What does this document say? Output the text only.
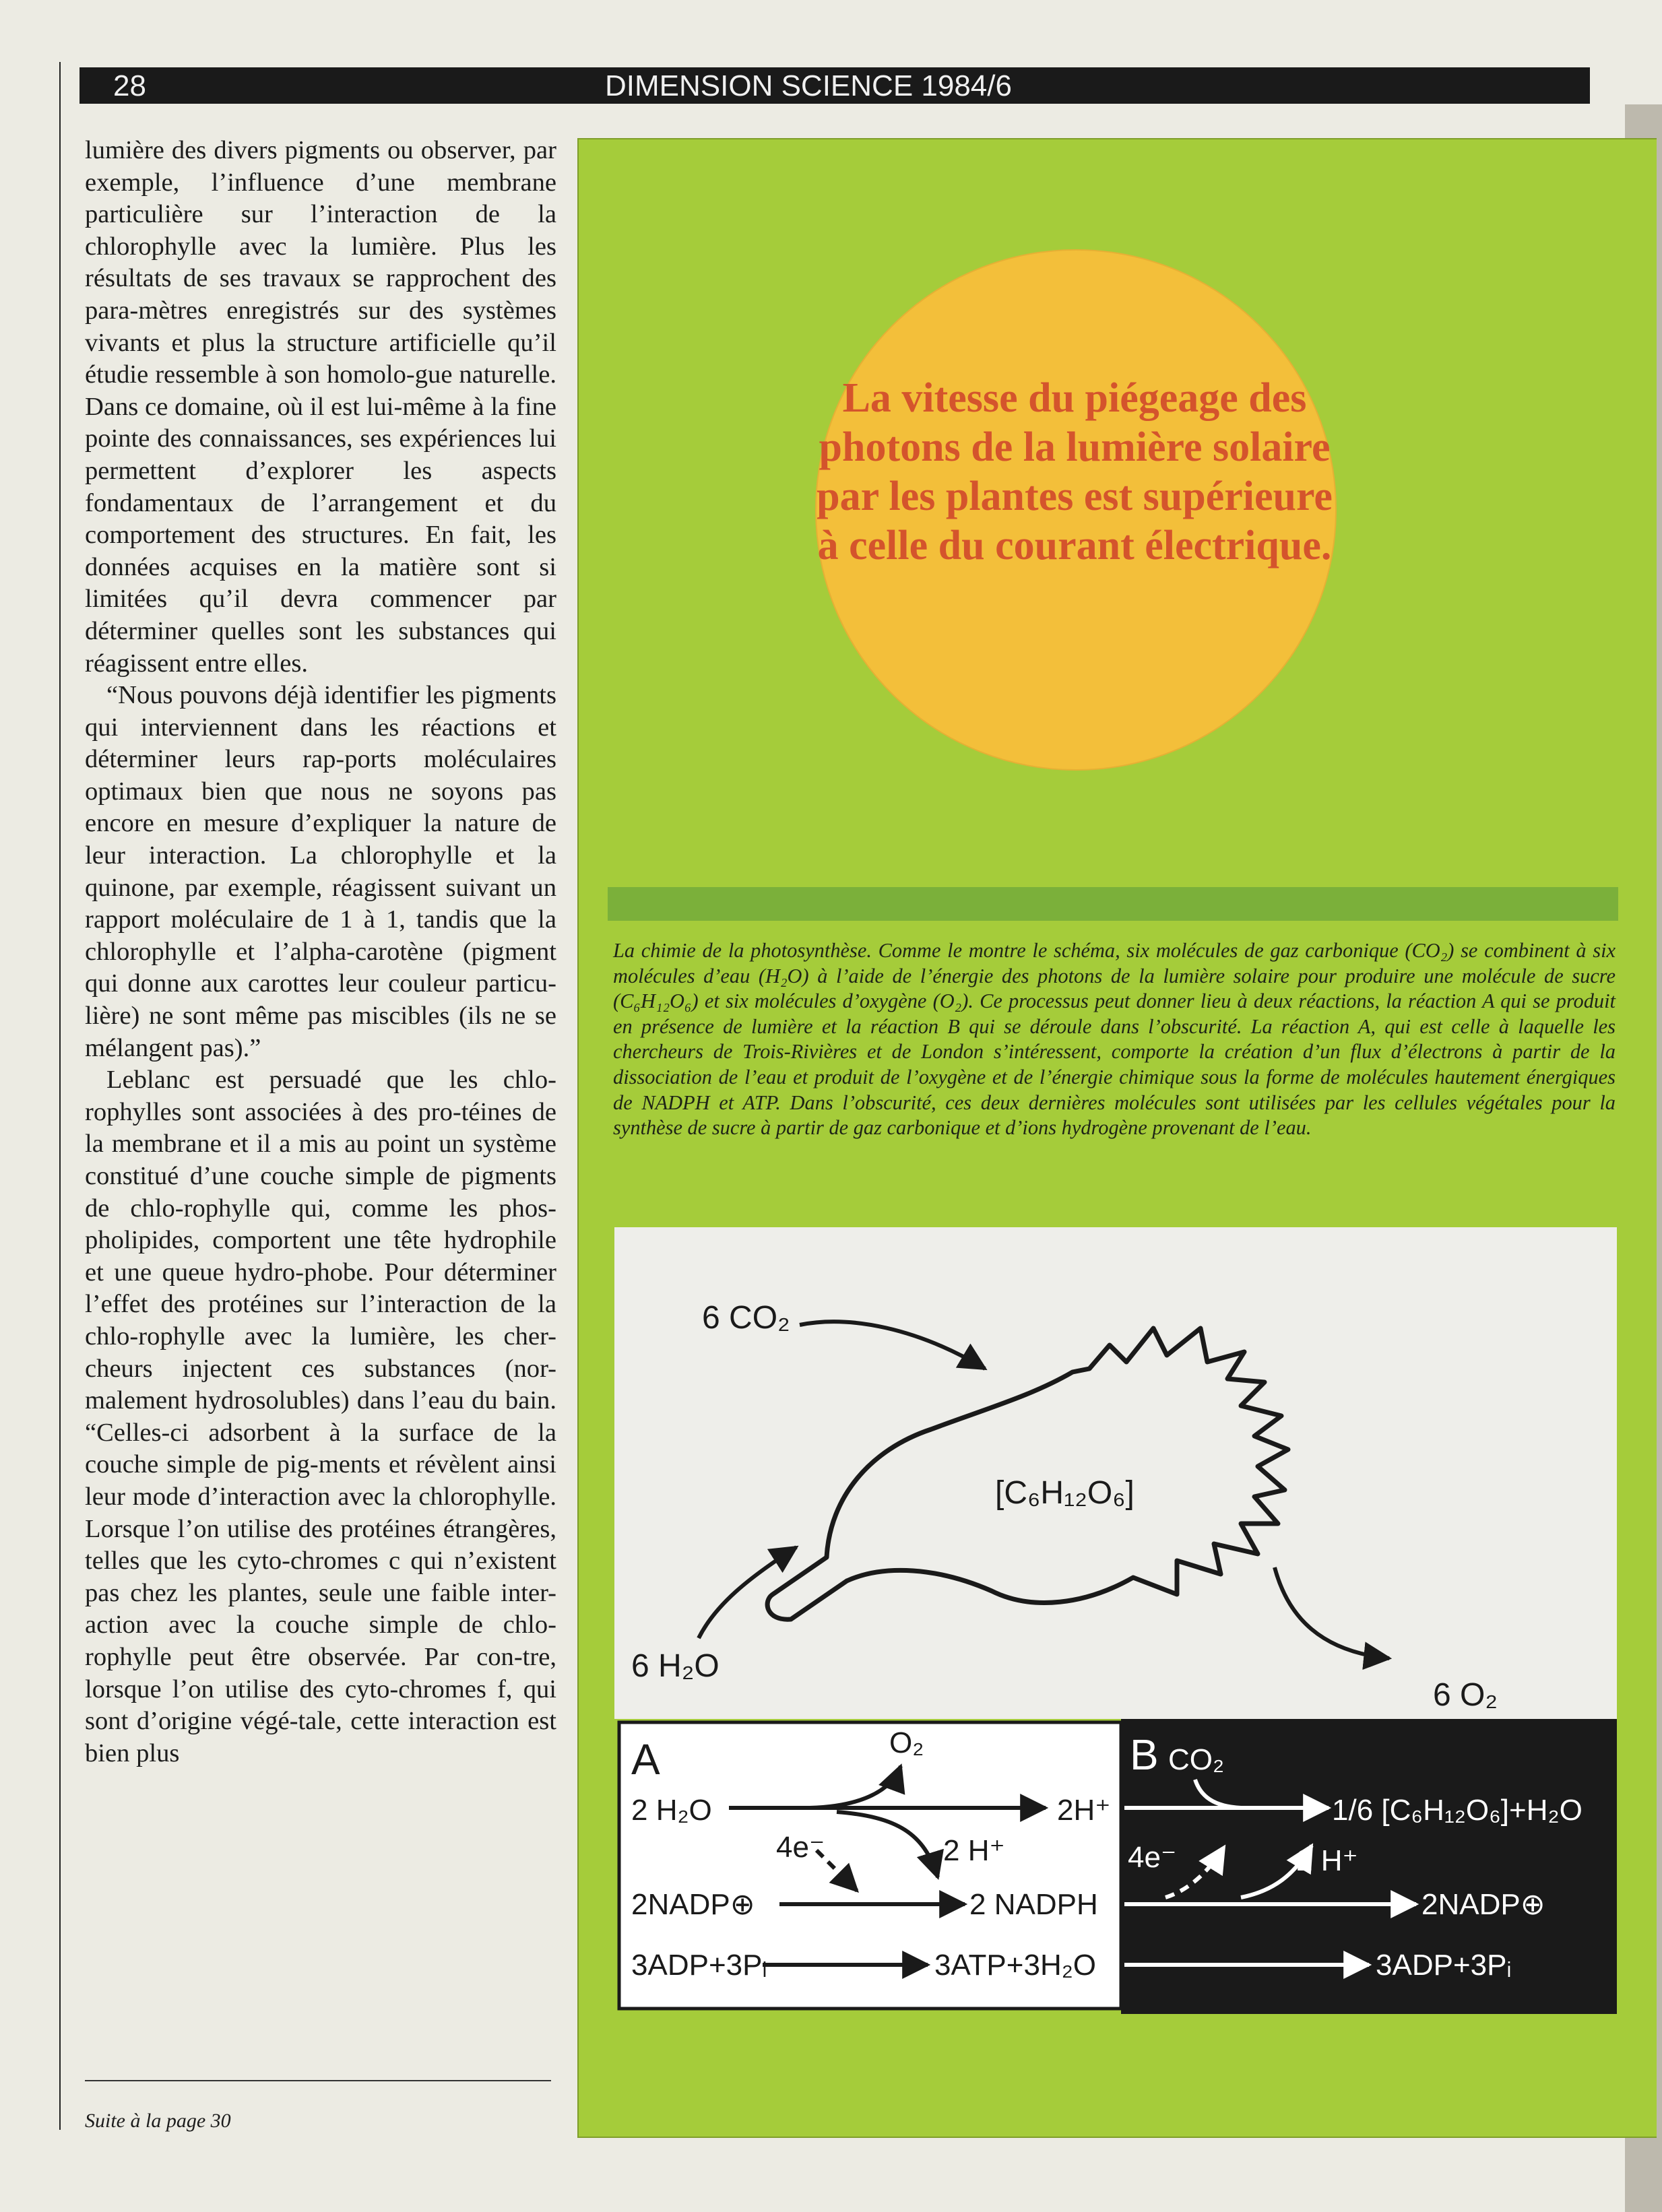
28	DIMENSION SCIENCE 1984/6

lumière des divers pigments ou observer, par exemple, l’influence d’une membrane particulière sur l’interaction de la chlorophylle avec la lumière. Plus les résultats de ses travaux se rapprochent des para-mètres enregistrés sur des systèmes vivants et plus la structure artificielle qu’il étudie ressemble à son homolo-gue naturelle. Dans ce domaine, où il est lui-même à la fine pointe des connaissances, ses expériences lui permettent d’explorer les aspects fondamentaux de l’arrangement et du comportement des structures. En fait, les données acquises en la matière sont si limitées qu’il devra commencer par déterminer quelles sont les substances qui réagissent entre elles.

“Nous pouvons déjà identifier les pigments qui interviennent dans les réactions et déterminer leurs rap-ports moléculaires optimaux bien que nous ne soyons pas encore en mesure d’expliquer la nature de leur interaction. La chlorophylle et la quinone, par exemple, réagissent suivant un rapport moléculaire de 1 à 1, tandis que la chlorophylle et l’alpha-carotène (pigment qui donne aux carottes leur couleur particu-lière) ne sont même pas miscibles (ils ne se mélangent pas).”

Leblanc est persuadé que les chlo-rophylles sont associées à des pro-téines de la membrane et il a mis au point un système constitué d’une couche simple de pigments de chlo-rophylle qui, comme les phos-pholipides, comportent une tête hydrophile et une queue hydro-phobe. Pour déterminer l’effet des protéines sur l’interaction de la chlo-rophylle avec la lumière, les cher-cheurs injectent ces substances (nor-malement hydrosolubles) dans l’eau du bain. “Celles-ci adsorbent à la surface de la couche simple de pig-ments et révèlent ainsi leur mode d’interaction avec la chlorophylle. Lorsque l’on utilise des protéines étrangères, telles que les cyto-chromes c qui n’existent pas chez les plantes, seule une faible inter-action avec la couche simple de chlo-rophylle peut être observée. Par con-tre, lorsque l’on utilise des cyto-chromes f, qui sont d’origine végé-tale, cette interaction est bien plus

Suite à la page 30
La vitesse du piégeage des photons de la lumière solaire par les plantes est supérieure à celle du courant électrique.
La chimie de la photosynthèse. Comme le montre le schéma, six molécules de gaz carbonique (CO₂) se combinent à six molécules d’eau (H₂O) à l’aide de l’énergie des photons de la lumière solaire pour produire une molécule de sucre (C₆H₁₂O₆) et six molécules d’oxygène (O₂). Ce processus peut donner lieu à deux réactions, la réaction A qui se produit en présence de lumière et la réaction B qui se déroule dans l’obscurité. La réaction A, qui est celle à laquelle les chercheurs de Trois-Rivières et de London s’intéressent, comporte la création d’un flux d’électrons à partir de la dissociation de l’eau et produit de l’oxygène et de l’énergie chimique sous la forme de molécules hautement énergiques de NADPH et ATP. Dans l’obscurité, ces deux dernières molécules sont utilisées par les cellules végétales pour la synthèse de sucre à partir de gaz carbonique et d’ions hydrogène provenant de l’eau.
6 CO₂
6 H₂O
[C₆H₁₂O₆]
6 O₂
A	O₂
2 H₂O	2H⁺
4e⁻	2 H⁺
2NADP⊕	2 NADPH
3ADP+3Pᵢ	3ATP+3H₂O
B CO₂
1/6 [C₆H₁₂O₆]+H₂O
4e⁻	2 H⁺
2NADP⊕
3ADP+3Pᵢ
